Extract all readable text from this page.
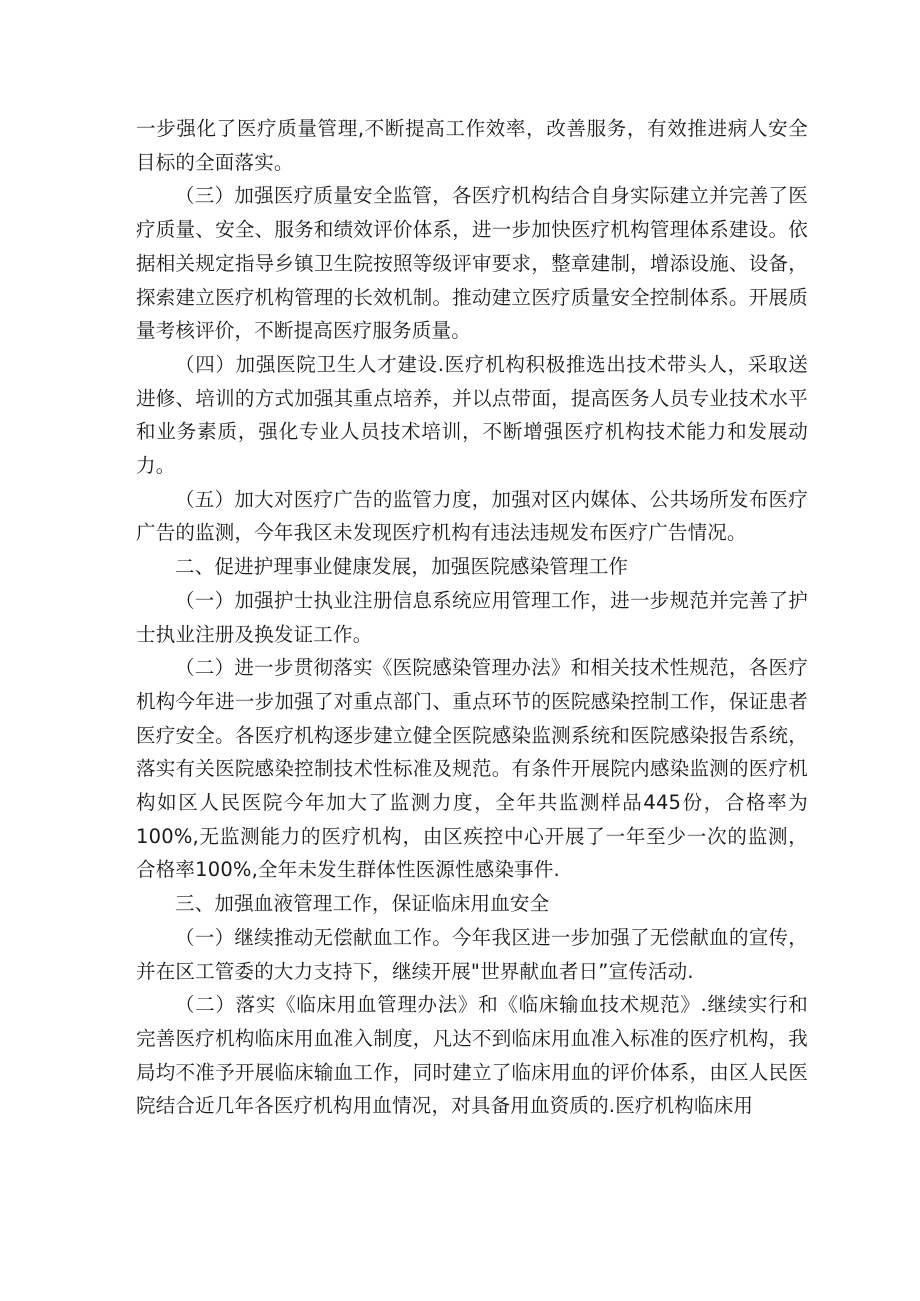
一步强化了医疗质量管理,不断提高工作效率，改善服务，有效推进病人安全目标的全面落实。

（三）加强医疗质量安全监管，各医疗机构结合自身实际建立并完善了医疗质量、安全、服务和绩效评价体系，进一步加快医疗机构管理体系建设。依据相关规定指导乡镇卫生院按照等级评审要求，整章建制，增添设施、设备，探索建立医疗机构管理的长效机制。推动建立医疗质量安全控制体系。开展质量考核评价，不断提高医疗服务质量。

（四）加强医院卫生人才建设.医疗机构积极推选出技术带头人，采取送进修、培训的方式加强其重点培养，并以点带面，提高医务人员专业技术水平和业务素质，强化专业人员技术培训，不断增强医疗机构技术能力和发展动力。

（五）加大对医疗广告的监管力度，加强对区内媒体、公共场所发布医疗广告的监测，今年我区未发现医疗机构有违法违规发布医疗广告情况。

二、促进护理事业健康发展，加强医院感染管理工作

（一）加强护士执业注册信息系统应用管理工作，进一步规范并完善了护士执业注册及换发证工作。

（二）进一步贯彻落实《医院感染管理办法》和相关技术性规范，各医疗机构今年进一步加强了对重点部门、重点环节的医院感染控制工作，保证患者医疗安全。各医疗机构逐步建立健全医院感染监测系统和医院感染报告系统，落实有关医院感染控制技术性标准及规范。有条件开展院内感染监测的医疗机构如区人民医院今年加大了监测力度，全年共监测样品445份，合格率为100%,无监测能力的医疗机构，由区疾控中心开展了一年至少一次的监测，合格率100%,全年未发生群体性医源性感染事件.

三、加强血液管理工作，保证临床用血安全

（一）继续推动无偿献血工作。今年我区进一步加强了无偿献血的宣传，并在区工管委的大力支持下，继续开展"世界献血者日”宣传活动.

（二）落实《临床用血管理办法》和《临床输血技术规范》.继续实行和完善医疗机构临床用血准入制度，凡达不到临床用血准入标准的医疗机构，我局均不准予开展临床输血工作，同时建立了临床用血的评价体系，由区人民医院结合近几年各医疗机构用血情况，对具备用血资质的.医疗机构临床用
